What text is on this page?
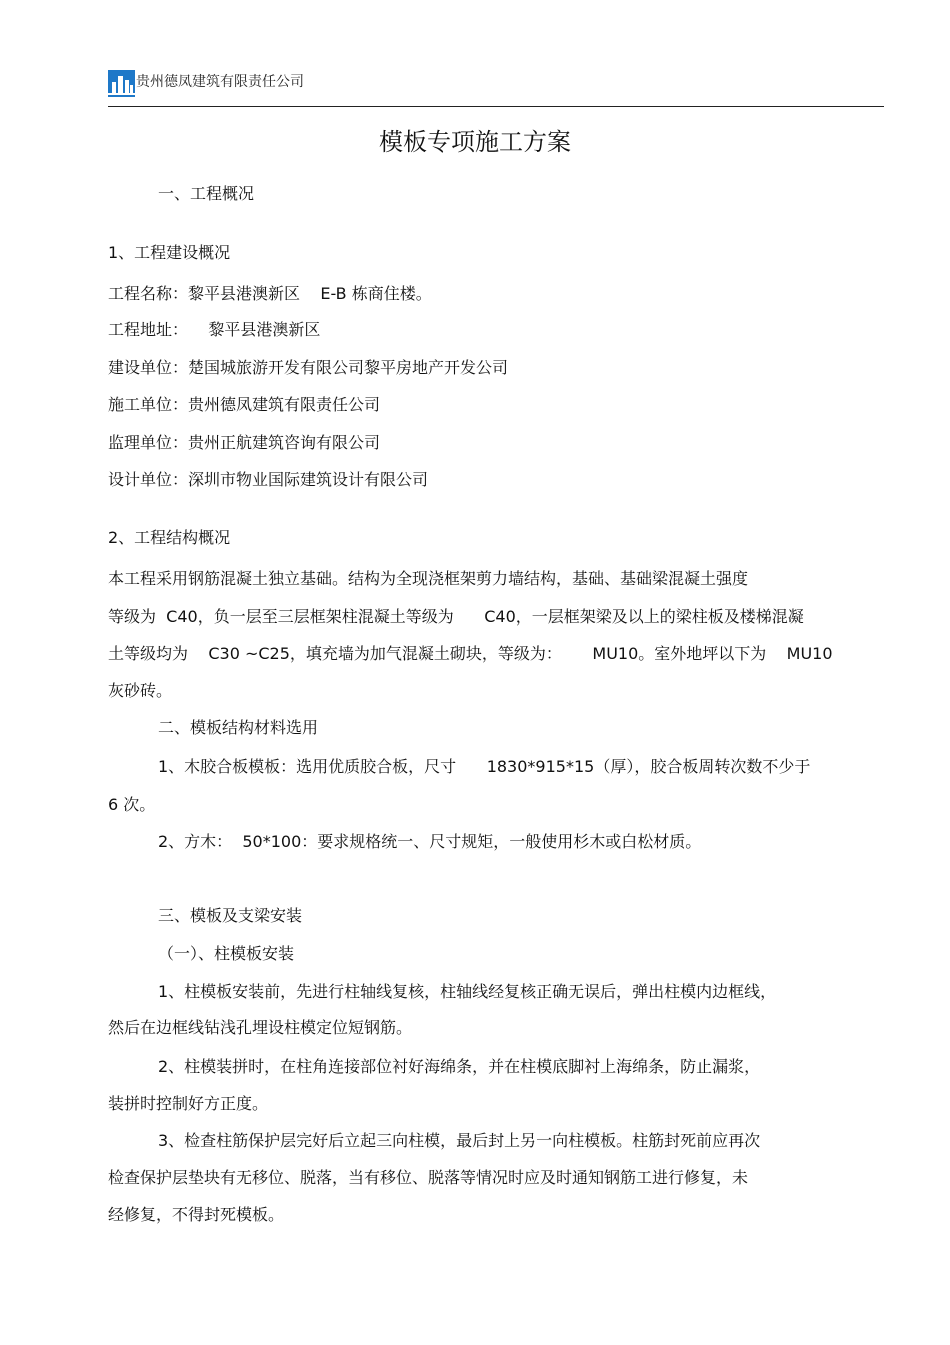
贵州德凤建筑有限责任公司
模板专项施工方案
一、工程概况
1、工程建设概况
工程名称：黎平县港澳新区    E-B 栋商住楼。
工程地址：    黎平县港澳新区
建设单位：楚国城旅游开发有限公司黎平房地产开发公司
施工单位：贵州德凤建筑有限责任公司
监理单位：贵州正航建筑咨询有限公司
设计单位：深圳市物业国际建筑设计有限公司
2、工程结构概况
本工程采用钢筋混凝土独立基础。结构为全现浇框架剪力墙结构，基础、基础梁混凝土强度
等级为  C40，负一层至三层框架柱混凝土等级为      C40，一层框架梁及以上的梁柱板及楼梯混凝
土等级均为    C30 ~C25，填充墙为加气混凝土砌块，等级为：      MU10。室外地坪以下为    MU10
灰砂砖。
二、模板结构材料选用
1、木胶合板模板：选用优质胶合板，尺寸      1830*915*15（厚），胶合板周转次数不少于
6 次。
2、方木：  50*100：要求规格统一、尺寸规矩，一般使用杉木或白松材质。
三、模板及支梁安装
（一）、柱模板安装
1、柱模板安装前，先进行柱轴线复核，柱轴线经复核正确无误后，弹出柱模内边框线，
然后在边框线钻浅孔埋设柱模定位短钢筋。
2、柱模装拼时，在柱角连接部位衬好海绵条，并在柱模底脚衬上海绵条，防止漏浆，
装拼时控制好方正度。
3、检查柱筋保护层完好后立起三向柱模，最后封上另一向柱模板。柱筋封死前应再次
检查保护层垫块有无移位、脱落，当有移位、脱落等情况时应及时通知钢筋工进行修复，未
经修复，不得封死模板。
